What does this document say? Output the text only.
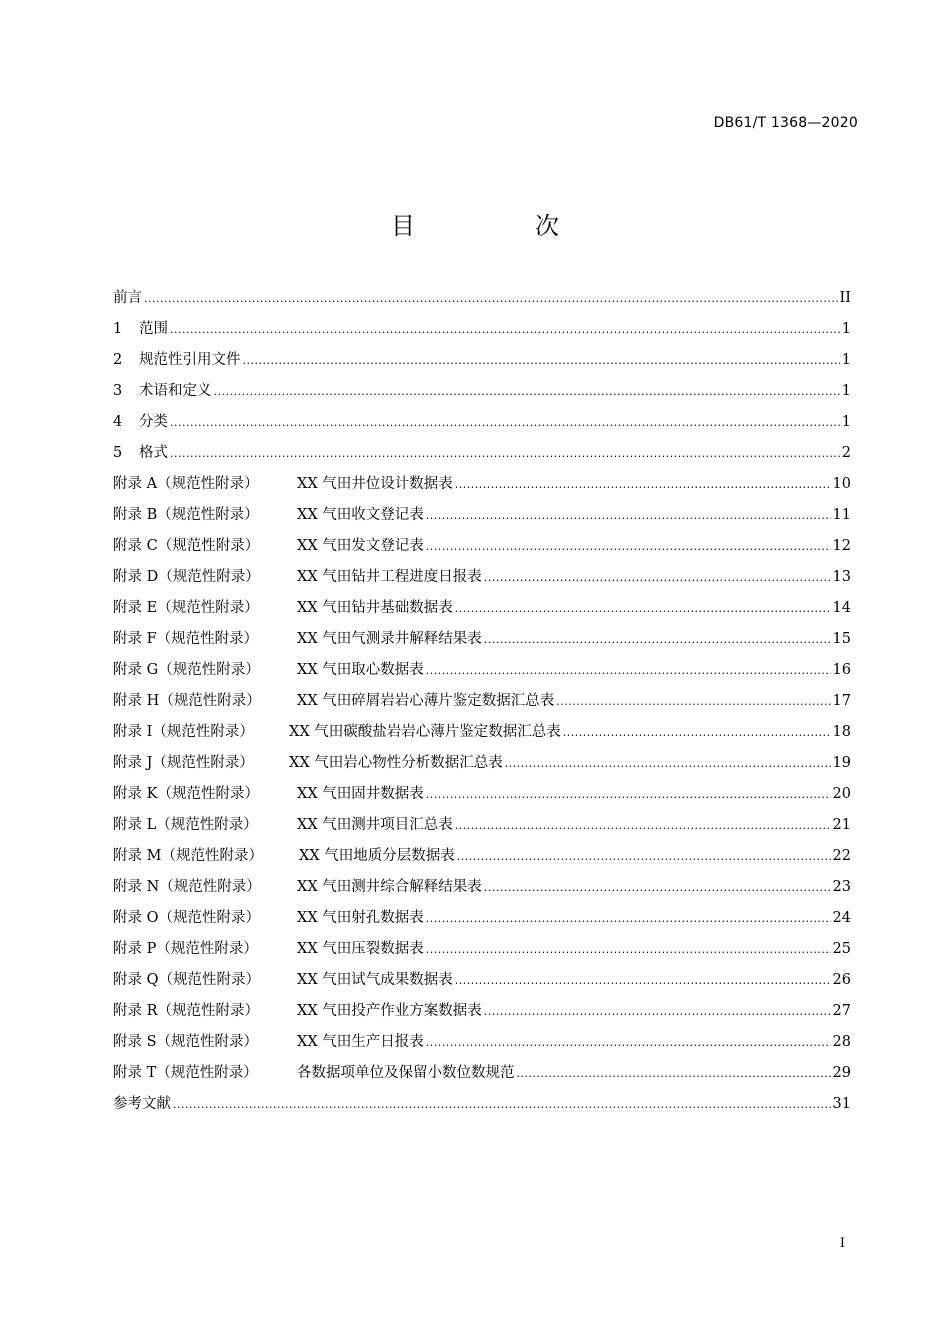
DB61/T 1368—2020
目　次
前言 .....	II
1 范围 .....	1
2 规范性引用文件 .....	1
3 术语和定义 .....	1
4 分类 .....	1
5 格式 .....	2
附录 A（规范性附录）	XX 气田井位设计数据表 .....	10
附录 B（规范性附录）	XX 气田收文登记表 .....	11
附录 C（规范性附录）	XX 气田发文登记表 .....	12
附录 D（规范性附录）	XX 气田钻井工程进度日报表 .....	13
附录 E（规范性附录）	XX 气田钻井基础数据表 .....	14
附录 F（规范性附录）	XX 气田气测录井解释结果表 .....	15
附录 G（规范性附录）	XX 气田取心数据表 .....	16
附录 H（规范性附录） XX 气田碎屑岩岩心薄片鉴定数据汇总表 .....	17
附录 I（规范性附录） XX 气田碳酸盐岩岩心薄片鉴定数据汇总表 .....	18
附录 J（规范性附录） XX 气田岩心物性分析数据汇总表 .....	19
附录 K（规范性附录）	XX 气田固井数据表 .....	20
附录 L（规范性附录）	XX 气田测井项目汇总表 .....	21
附录 M（规范性附录） XX 气田地质分层数据表 .....	22
附录 N（规范性附录） XX 气田测井综合解释结果表 .....	23
附录 O（规范性附录）	XX 气田射孔数据表 .....	24
附录 P（规范性附录）	XX 气田压裂数据表 .....	25
附录 Q（规范性附录）	XX 气田试气成果数据表 .....	26
附录 R（规范性附录）	XX 气田投产作业方案数据表 .....	27
附录 S（规范性附录）	XX 气田生产日报表 .....	28
附录 T（规范性附录）	各数据项单位及保留小数位数规范 .....	29
参考文献 .....	31
I
